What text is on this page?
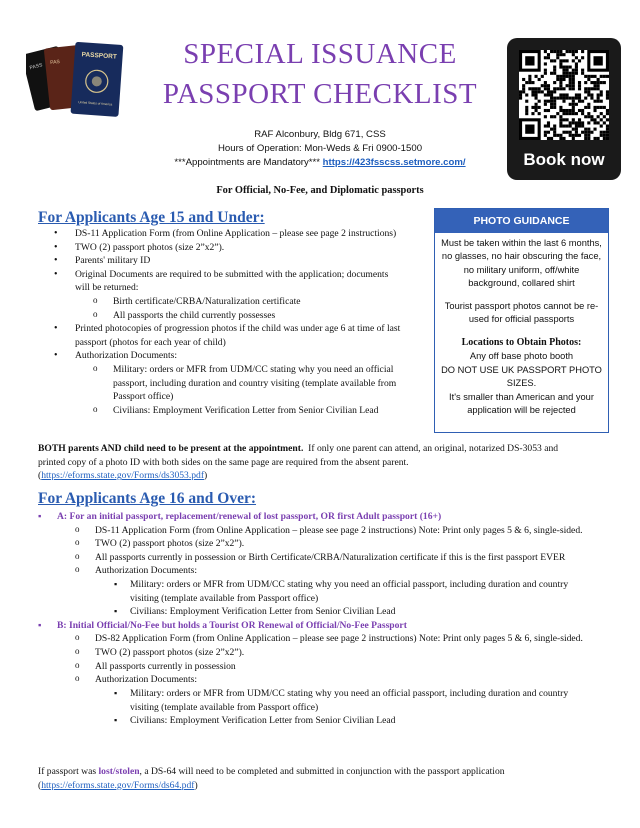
PASS PAS
PASSPORT
United States of America
SPECIAL ISSUANCE
PASSPORT CHECKLIST
Book now
RAF Alconbury, Bldg 671, CSS
Hours of Operation: Mon-Weds & Fri 0900-1500
***Appointments are Mandatory*** https://423fsscss.setmore.com/
For Official, No-Fee, and Diplomatic passports
For Applicants Age 15 and Under:
• DS-11 Application Form (from Online Application – please see page 2 instructions)
• TWO (2) passport photos (size 2”x2”).
• Parents' military ID
• Original Documents are required to be submitted with the application; documents will be returned:
o Birth certificate/CRBA/Naturalization certificate
o All passports the child currently possesses
• Printed photocopies of progression photos if the child was under age 6 at time of last passport (photos for each year of child)
• Authorization Documents:
o Military: orders or MFR from UDM/CC stating why you need an official passport, including duration and country visiting (template available from Passport office)
o Civilians: Employment Verification Letter from Senior Civilian Lead
PHOTO GUIDANCE

Must be taken within the last 6 months, no glasses, no hair obscuring the face, no military uniform, off/white background, collared shirt

Tourist passport photos cannot be re-used for official passports

Locations to Obtain Photos:

Any off base photo booth

DO NOT USE UK PASSPORT PHOTO SIZES.

It's smaller than American and your application will be rejected

BOTH parents AND child need to be present at the appointment. If only one parent can attend, an original, notarized DS-3053 and printed copy of a photo ID with both sides on the same page are required from the absent parent. (https://eforms.state.gov/Forms/ds3053.pdf)
For Applicants Age 16 and Over:
▪ A: For an initial passport, replacement/renewal of lost passport, OR first Adult passport (16+)
o DS-11 Application Form (from Online Application – please see page 2 instructions) Note: Print only pages 5 & 6, single-sided.
o TWO (2) passport photos (size 2”x2”).
o All passports currently in possession or Birth Certificate/CRBA/Naturalization certificate if this is the first passport EVER
o Authorization Documents:
▪ Military: orders or MFR from UDM/CC stating why you need an official passport, including duration and country visiting (template available from Passport office)
▪ Civilians: Employment Verification Letter from Senior Civilian Lead
▪ B: Initial Official/No-Fee but holds a Tourist OR Renewal of Official/No-Fee Passport
o DS-82 Application Form (from Online Application – please see page 2 instructions) Note: Print only pages 5 & 6, single-sided.
o TWO (2) passport photos (size 2”x2”).
o All passports currently in possession
o Authorization Documents:
▪ Military: orders or MFR from UDM/CC stating why you need an official passport, including duration and country visiting (template available from Passport office)
▪ Civilians: Employment Verification Letter from Senior Civilian Lead
If passport was lost/stolen, a DS-64 will need to be completed and submitted in conjunction with the passport application (https://eforms.state.gov/Forms/ds64.pdf)
